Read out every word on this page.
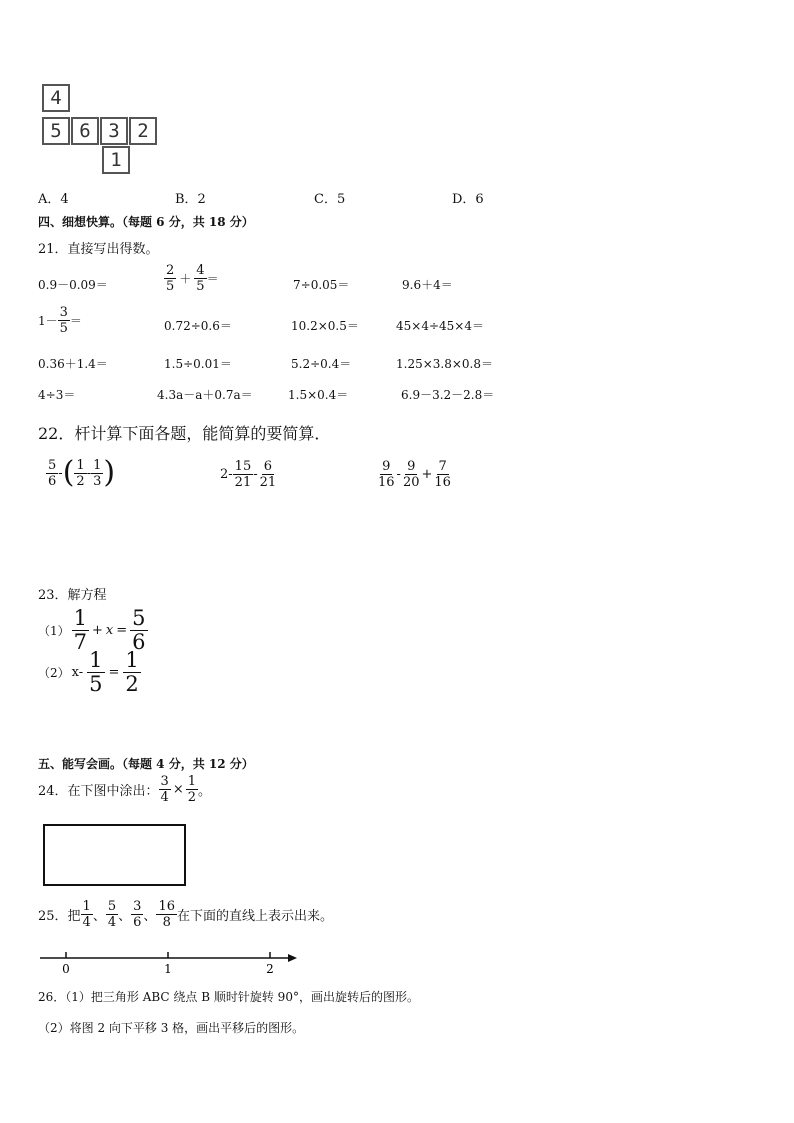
4
5 6 3 2
1
A．4	B．2	C．5	D．6
四、细想快算。（每题 6 分，共 18 分）
21．直接写出得数。
0.9－0.09＝	$\frac{2}{5} + \frac{4}{5}$ ＝	7÷0.05＝	9.6＋4＝
$1- \frac{3}{5}$ ＝	0.72÷0.6＝	10.2×0.5＝	45×4÷45×4＝
0.36＋1.4＝	1.5÷0.01＝	5.2÷0.4＝	1.25×3.8×0.8＝
4÷3＝	4.3a－a＋0.7a＝	1.5×0.4＝	6.9－3.2－2.8＝
22．杆计算下面各题，能简算的要简算．
$\frac{5}{6}$ - ( $\frac{1}{2} - \frac{1}{3}$ )	$2- \frac{15}{21} - \frac{6}{21}$	$\frac{9}{16} - \frac{9}{20} + \frac{7}{16}$
23．解方程
$(1) \frac{1}{7} + x = \frac{5}{6}$
（2） $x- \frac{1}{5} = \frac{1}{2}$
五、能写会画。（每题 4 分，共 12 分）
24．在下图中涂出： $\frac{3}{4} \times \frac{1}{2}$ 。
25．把 $\frac{1}{4}$ 、 $\frac{5}{4}$ 、 $\frac{3}{6}$ 、 $\frac{16}{8}$ 在下面的直线上表示出来。
0	1	2
26．（1）把三角形 ABC 绕点 B 顺时针旋转 90°，画出旋转后的图形。
（2）将图 2 向下平移 3 格，画出平移后的图形。
